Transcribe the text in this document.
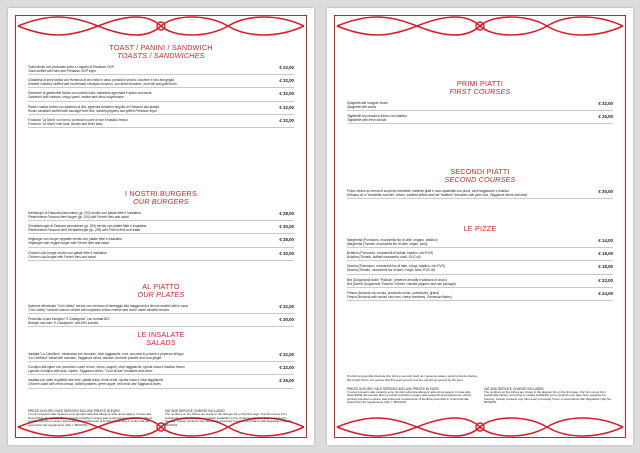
TOAST / PANINI / SANDWICH
TOASTS / SANDWICHES
Toast farcito con prosciutto cotto e Lingotto di Predazzo DOP
Toast stuffed with ham and Predazzo DOP ingot
€ 22,00
Ciabattina ai semi farcita con Hummus di ceci fatto in casa, pomodori secchi, zucchine e tofu alla griglia
Seeded 'ciabatta' stuffed with homemade chickpea hummus, sun-dried tomatoes, zucchini and grilled tofu
€ 32,00
Sandwich di gamberetti farcito con indivia riccia, maionese agrumata e speck croccante
Sandwich with shrimps, crispy speck, endive and citrus mayonnaise
€ 32,00
Panino rustico farcito con salsiccia di Brà, peperoni arrostiti e lingotto di Predazzo alla piastra
Rustic sandwich stuffed with sausage from Brà, roasted peppers and grilled Predazzo ingot
€ 32,00
Focaccia "La Mora" con tonno, pomodori cuore di bue e basilico fresco
Focaccia "La Mora" with tuna, tomato and fresh basil
€ 32,00
I NOSTRI BURGERS
OUR BURGERS
Hamburger di Fassona piemontese (gr. 200) servito con patate fritte e insalatina
Piedmontese Fassona beef burger (gr. 200) with French fries and salad
€ 28,00
Cheddarburger di Fassona piemontese (gr. 200) servito con patate fritte e insalatina
Piedmontese Fassona beef cheddarburger (gr. 200) with French fries and salad
€ 30,00
Vegburger con burger vegetale servito con patate fritte e insalatina
Vegburger with veggie burger with French fries and salad
€ 28,00
Chicken club-burger servito con patate fritte e insalatina
Chicken club-burger with French fries and salad
€ 30,00
AL PIATTO
OUR PLATES
Salmone affumicato "Coln Valley" servito con cremoso di formaggio alla maggiorana e limone candito fatti in casa
"Coln Valley" smoked salmon served with marjoram cream cheese and home-made candied lemons
€ 32,00
Prosciutto crudo biologico "Il Castagnolo" con burrata BIO
Biologic raw ham "Il Castagnolo" with BIO burrata
€ 30,00
LE INSALATE
SALADS
Insalata "La Ciorellina", misticanza con avocado, olive taggiasche, noci, curcuma in polvere e peperoni all'agro
"La Ciorellina" salad with avocado, Taggiasca olives, walnuts, turmeric powder and sour ginger
€ 32,00
Cundijun alla ligure con pomodoro cuore di bue, tonno, capperi, olive taggiasche, cipolla rossa e basilico fresco
Ligurian Cundijun with tuna, capers, Taggiasca olives, "Cuor di bue" tomatoes and onion
€ 32,00
Insalata con petto di galletto alle erbe, patate lesse, mela verde, cipolla rossa e olive taggiasche
Chicken salad with herbs breast, boiled potatoes, green apple, red onion and Taggiasca olives
€ 26,00
PREZZI IN EURO, IVA E SERVIZIO INCLUSI/ PRICES IN EURO
I numeri presenti sulle pietanze sono riportati nella lista allergeni nella prima pagina. In base alla disponibilità del mercato alcuni prodotti potrebbero essere stati sottoposti al surgelamento. Alcuni prodotti potrebbero essere stati sottoposti a trattamento di bonifica preventiva in conformità alle prescrizioni del regolamento (CE) n. 853/2004.
VAT AND SERVICE CHARGE INCLUDED
The numbers on the dishes are shown in the allergen list on the first page. Our fish comes from sustainable fishing. According to market availability some products may have been subjected to freezing. Certain products may have been previously frozen in accordance with Regulation (CE) No. 853/2004.
PRIMI PIATTI
FIRST COURSES
Spaghetti alle vongole veraci
Spaghetti with clams
€ 32,00
Tagliatelle al pomodoro fresco con basilico
Tagliatelle with fresh tomato
€ 26,00
SECONDI PIATTI
SECOND COURSES
Polpo verace su crema di zucchine trombette, datterini gialli e rossi spadellati con pinoli, olive taggiasche e basilico
Octopus on a "trombetta zucchini" cream, sautéed yellow and red "datterini" tomatoes with pine nuts, Taggiasca olives and basil
€ 30,00
LE PIZZE
Margherita (Pomodoro, mozzarella fior di latte, origano, basilico)
Margherita (Tomato, mozzarella fior di latte, origan, basil)
€ 14,00
Bufalina (Pomodoro, mozzarella di bufala, basilico, olio EVO)
Bufalina (Tomato, buffalo mozzarella, basil, EVO oil)
€ 18,00
Diavola (Pomodoro, mozzarella fior di latte, n'duja, basilico, olio EVO)
Diavola (Tomato, mozzarella fior di latte, n'duja, basil, EVO oil)
€ 18,00
Brà (Gorgonzola dolce "Palzola", peperoni arrostiti e salsiccia di crudo)
Brà (Sweet Gorgonzola "Palzola" cheese, roasted peppers and raw sausage)
€ 22,00
Fresca (focaccia con rucola, prosciutto crudo, pomodorini, grana)
Fresca (focaccia with rocket, raw ham, cherry tomatoes, Parmesan flakes)
€ 24,00
Si informa la gentile clientela che primi e secondi piatti non possono essere serviti a bordo piscina.
We kindly inform our guests that first and second courses cannot be served by the pool.
PREZZI IN EURO, IVA E SERVIZIO INCLUSI/ PRICES IN EURO
I numeri presenti sulle pietanze sono riportati nella lista allergeni nella prima pagina. In base alla disponibilità del mercato alcuni prodotti potrebbero essere stati sottoposti al surgelamento. Alcuni prodotti potrebbero essere stati sottoposti a trattamento di bonifica preventiva in conformità alle prescrizioni del regolamento (CE) n. 853/2004.
VAT AND SERVICE CHARGE INCLUDED
The numbers on the dishes are shown in the allergen list on the first page. Our fish comes from sustainable fishing. According to market availability some products may have been subjected to freezing. Certain products may have been previously frozen in accordance with Regulation (CE) No. 853/2004.
